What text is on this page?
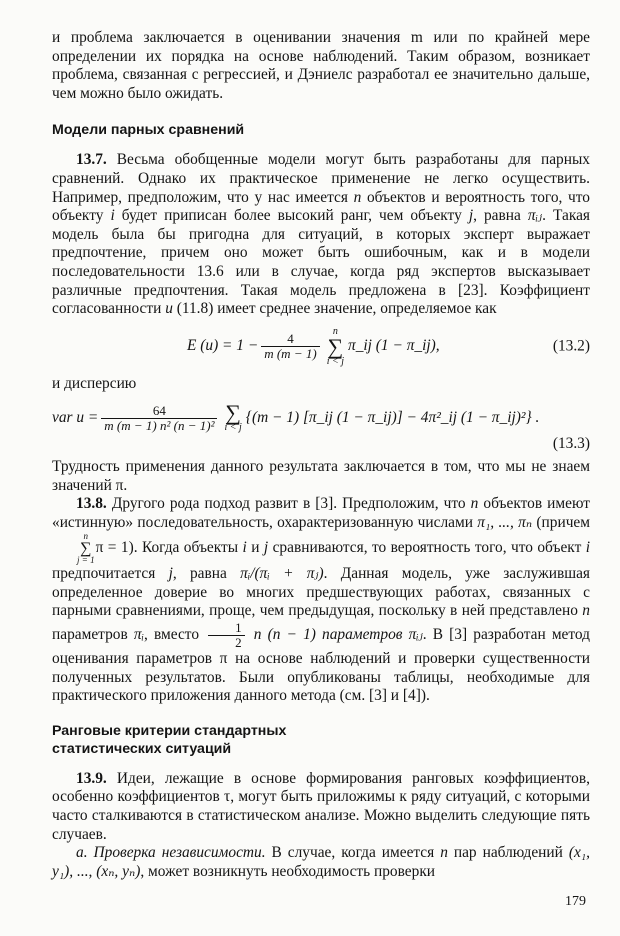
и проблема заключается в оценивании значения m или по крайней мере определении их порядка на основе наблюдений. Таким образом, возникает проблема, связанная с регрессией, и Дэниелс разработал ее значительно дальше, чем можно было ожидать.

Модели парных сравнений

13.7. Весьма обобщенные модели могут быть разработаны для парных сравнений. Однако их практическое применение не легко осуществить. Например, предположим, что у нас имеется n объектов и вероятность того, что объекту i будет приписан более высокий ранг, чем объекту j, равна πᵢⱼ. Такая модель была бы пригодна для ситуаций, в которых эксперт выражает предпочтение, причем оно может быть ошибочным, как и в модели последовательности 13.6 или в случае, когда ряд экспертов высказывает различные предпочтения. Такая модель предложена в [23]. Коэффициент согласованности u (11.8) имеет среднее значение, определяемое как

E $(u) = 1 - \frac{4}{m (m - 1)}$
n
∑
i < j
π_ij (1 − π_ij),	(13.2)

и дисперсию

var $u = \frac{64}{\text{m (m − 1) n² (n − 1)²}}$ ∑
i < j
{(m − 1) [π_ij (1 − π_ij)] − 4π²_ij (1 − π_ij)²} .
(13.3)

Трудность применения данного результата заключается в том, что мы не знаем значений π.

13.8. Другого рода подход развит в [3]. Предположим, что n объектов имеют «истинную» последовательность, охарактеризованную числами π₁, ..., πₙ (причем
n
∑
j = 1
π = 1). Когда объекты i и j сравниваются, то вероятность того, что объект i предпочитается j, равна πᵢ/(πᵢ + πⱼ). Данная модель, уже заслужившая определенное доверие во многих предшествующих работах, связанных с парными сравнениями, проще, чем предыдущая, поскольку в ней представлено n параметров πᵢ, вместо $\frac{1}{2}$ n (n − 1) параметров πᵢⱼ. В [3] разработан метод оценивания параметров π на основе наблюдений и проверки существенности полученных результатов. Были опубликованы таблицы, необходимые для практического приложения данного метода (см. [3] и [4]).

Ранговые критерии стандартных

статистических ситуаций

13.9. Идеи, лежащие в основе формирования ранговых коэффициентов, особенно коэффициентов τ, могут быть приложимы к ряду ситуаций, с которыми часто сталкиваются в статистическом анализе. Можно выделить следующие пять случаев.

а. Проверка независимости. В случае, когда имеется n пар наблюдений (x₁, y₁), ..., (xₙ, yₙ), может возникнуть необходимость проверки

179
